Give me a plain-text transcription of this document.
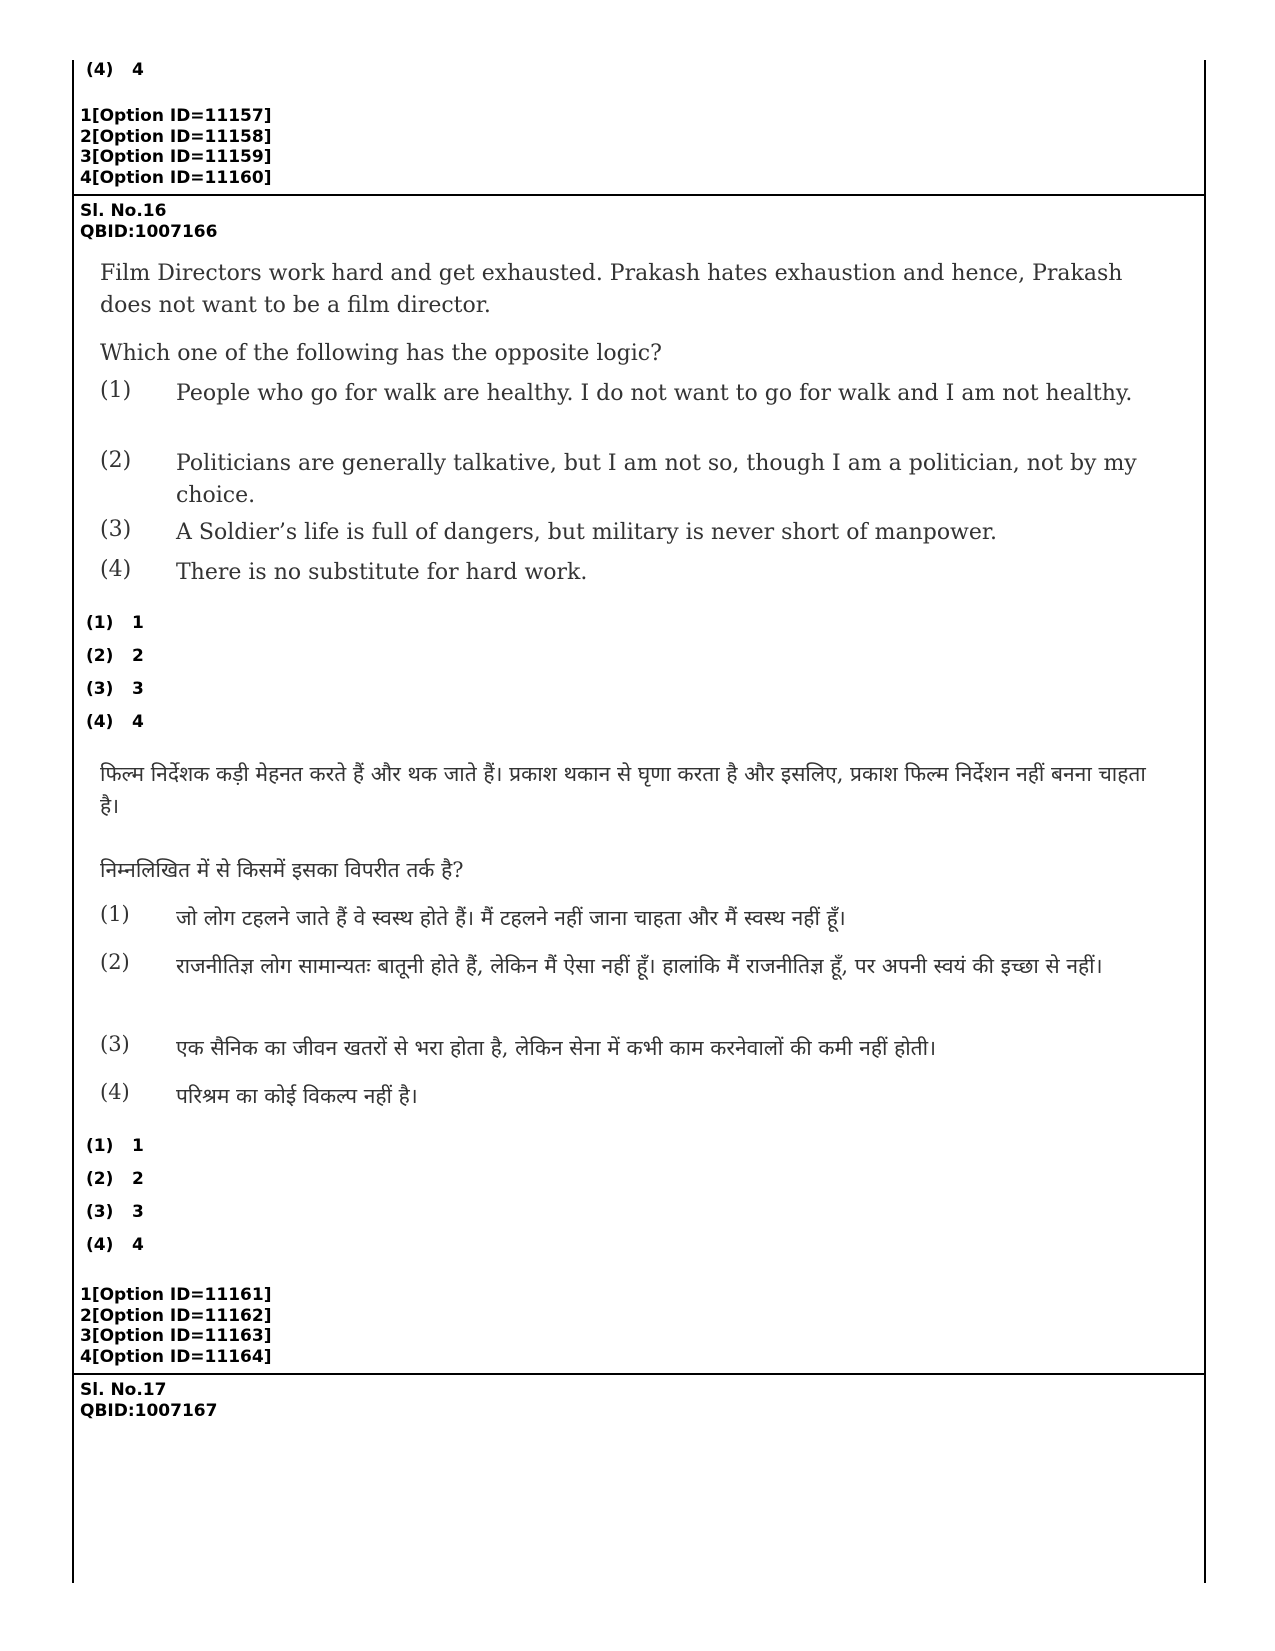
(4) 4
1[Option ID=11157]
2[Option ID=11158]
3[Option ID=11159]
4[Option ID=11160]
Sl. No.16
QBID:1007166
Film Directors work hard and get exhausted. Prakash hates exhaustion and hence, Prakash does not want to be a film director.
Which one of the following has the opposite logic?
(1) People who go for walk are healthy. I do not want to go for walk and I am not healthy.
(2) Politicians are generally talkative, but I am not so, though I am a politician, not by my choice.
(3) A Soldier’s life is full of dangers, but military is never short of manpower.
(4) There is no substitute for hard work.
(1) 1
(2) 2
(3) 3
(4) 4
फिल्म निर्देशक कड़ी मेहनत करते हैं और थक जाते हैं। प्रकाश थकान से घृणा करता है और इसलिए, प्रकाश फिल्म निर्देशन नहीं बनना चाहता है।
निम्नलिखित में से किसमें इसका विपरीत तर्क है?
(1) जो लोग टहलने जाते हैं वे स्वस्थ होते हैं। मैं टहलने नहीं जाना चाहता और मैं स्वस्थ नहीं हूँ।
(2) राजनीतिज्ञ लोग सामान्यतः बातूनी होते हैं, लेकिन मैं ऐसा नहीं हूँ। हालांकि मैं राजनीतिज्ञ हूँ, पर अपनी स्वयं की इच्छा से नहीं।
(3) एक सैनिक का जीवन खतरों से भरा होता है, लेकिन सेना में कभी काम करनेवालों की कमी नहीं होती।
(4) परिश्रम का कोई विकल्प नहीं है।
(1) 1
(2) 2
(3) 3
(4) 4
1[Option ID=11161]
2[Option ID=11162]
3[Option ID=11163]
4[Option ID=11164]
Sl. No.17
QBID:1007167
